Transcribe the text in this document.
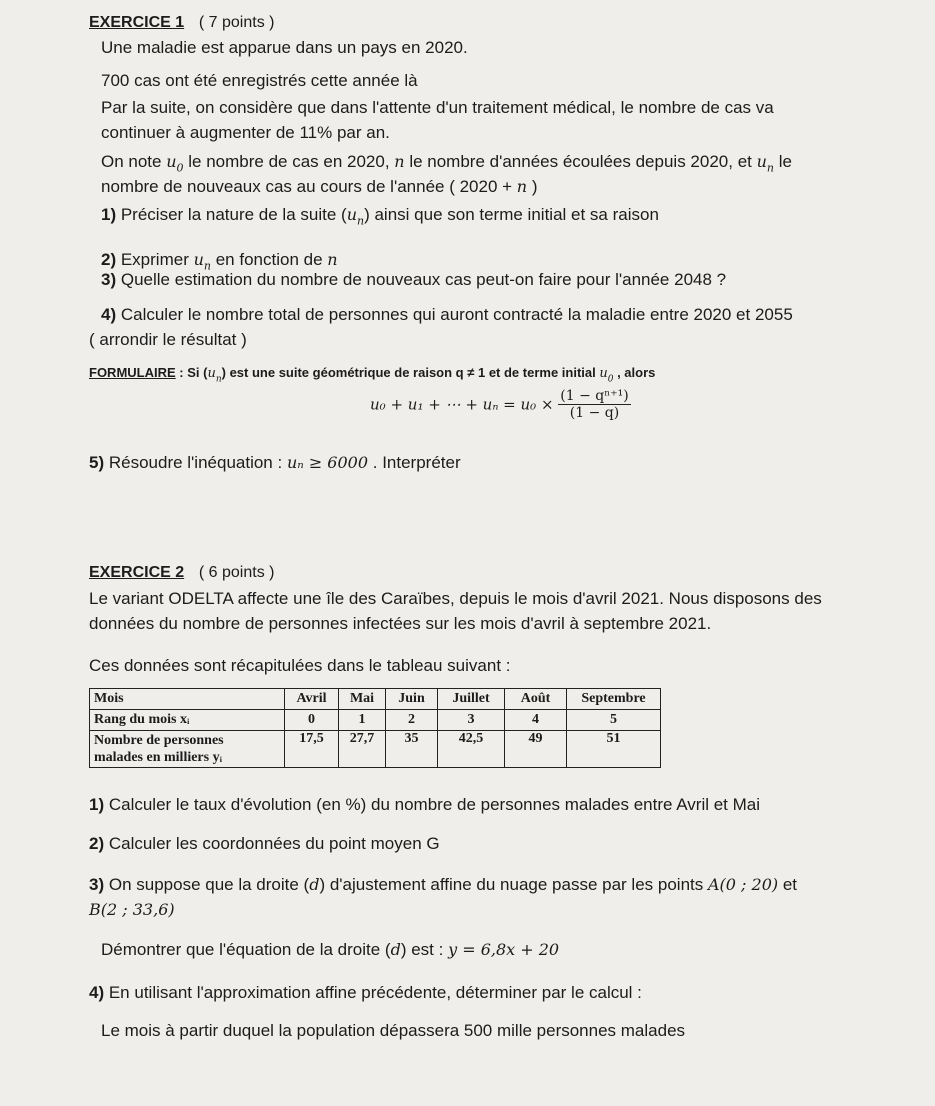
EXERCICE 1 ( 7 points )
Une maladie est apparue dans un pays en 2020.
700 cas ont été enregistrés cette année là
Par la suite, on considère que dans l'attente d'un traitement médical, le nombre de cas va
continuer à augmenter de 11% par an.
On note $u_0$ le nombre de cas en 2020, n le nombre d'années écoulées depuis 2020, et $u_n$ le
nombre de nouveaux cas au cours de l'année ( 2020 + n )
1) Préciser la nature de la suite $(u_n)$ ainsi que son terme initial et sa raison
2) Exprimer $u_n$ en fonction de n
3) Quelle estimation du nombre de nouveaux cas peut-on faire pour l'année 2048 ?
4) Calculer le nombre total de personnes qui auront contracté la maladie entre 2020 et 2055
( arrondir le résultat )
FORMULAIRE : Si $(u_n)$ est une suite géométrique de raison q ≠ 1 et de terme initial $u_0$ , alors
u₀ + u₁ + ⋯ + $u_n = u_0 \times \frac{\text{(1 − qⁿ⁺¹)}}{(1 - q)}$
5) Résoudre l'inéquation : uₙ ≥ 6000 . Interpréter
EXERCICE 2 ( 6 points )
Le variant ODELTA affecte une île des Caraïbes, depuis le mois d'avril 2021. Nous disposons des
données du nombre de personnes infectées sur les mois d'avril à septembre 2021.
Ces données sont récapitulées dans le tableau suivant :
Mois	Avril	Mai	Juin	Juillet	Août	Septembre
Rang du mois xᵢ	0	1	2	3	4	5
Nombre de personnes
malades en milliers yᵢ	17,5	27,7	35	42,5	49	51
1) Calculer le taux d'évolution (en %) du nombre de personnes malades entre Avril et Mai
2) Calculer les coordonnées du point moyen G
3) On suppose que la droite (d) d'ajustement affine du nuage passe par les points A(0 ; 20) et
B(2 ; 33,6)
Démontrer que l'équation de la droite (d) est : y = 6,8x + 20
4) En utilisant l'approximation affine précédente, déterminer par le calcul :
Le mois à partir duquel la population dépassera 500 mille personnes malades
